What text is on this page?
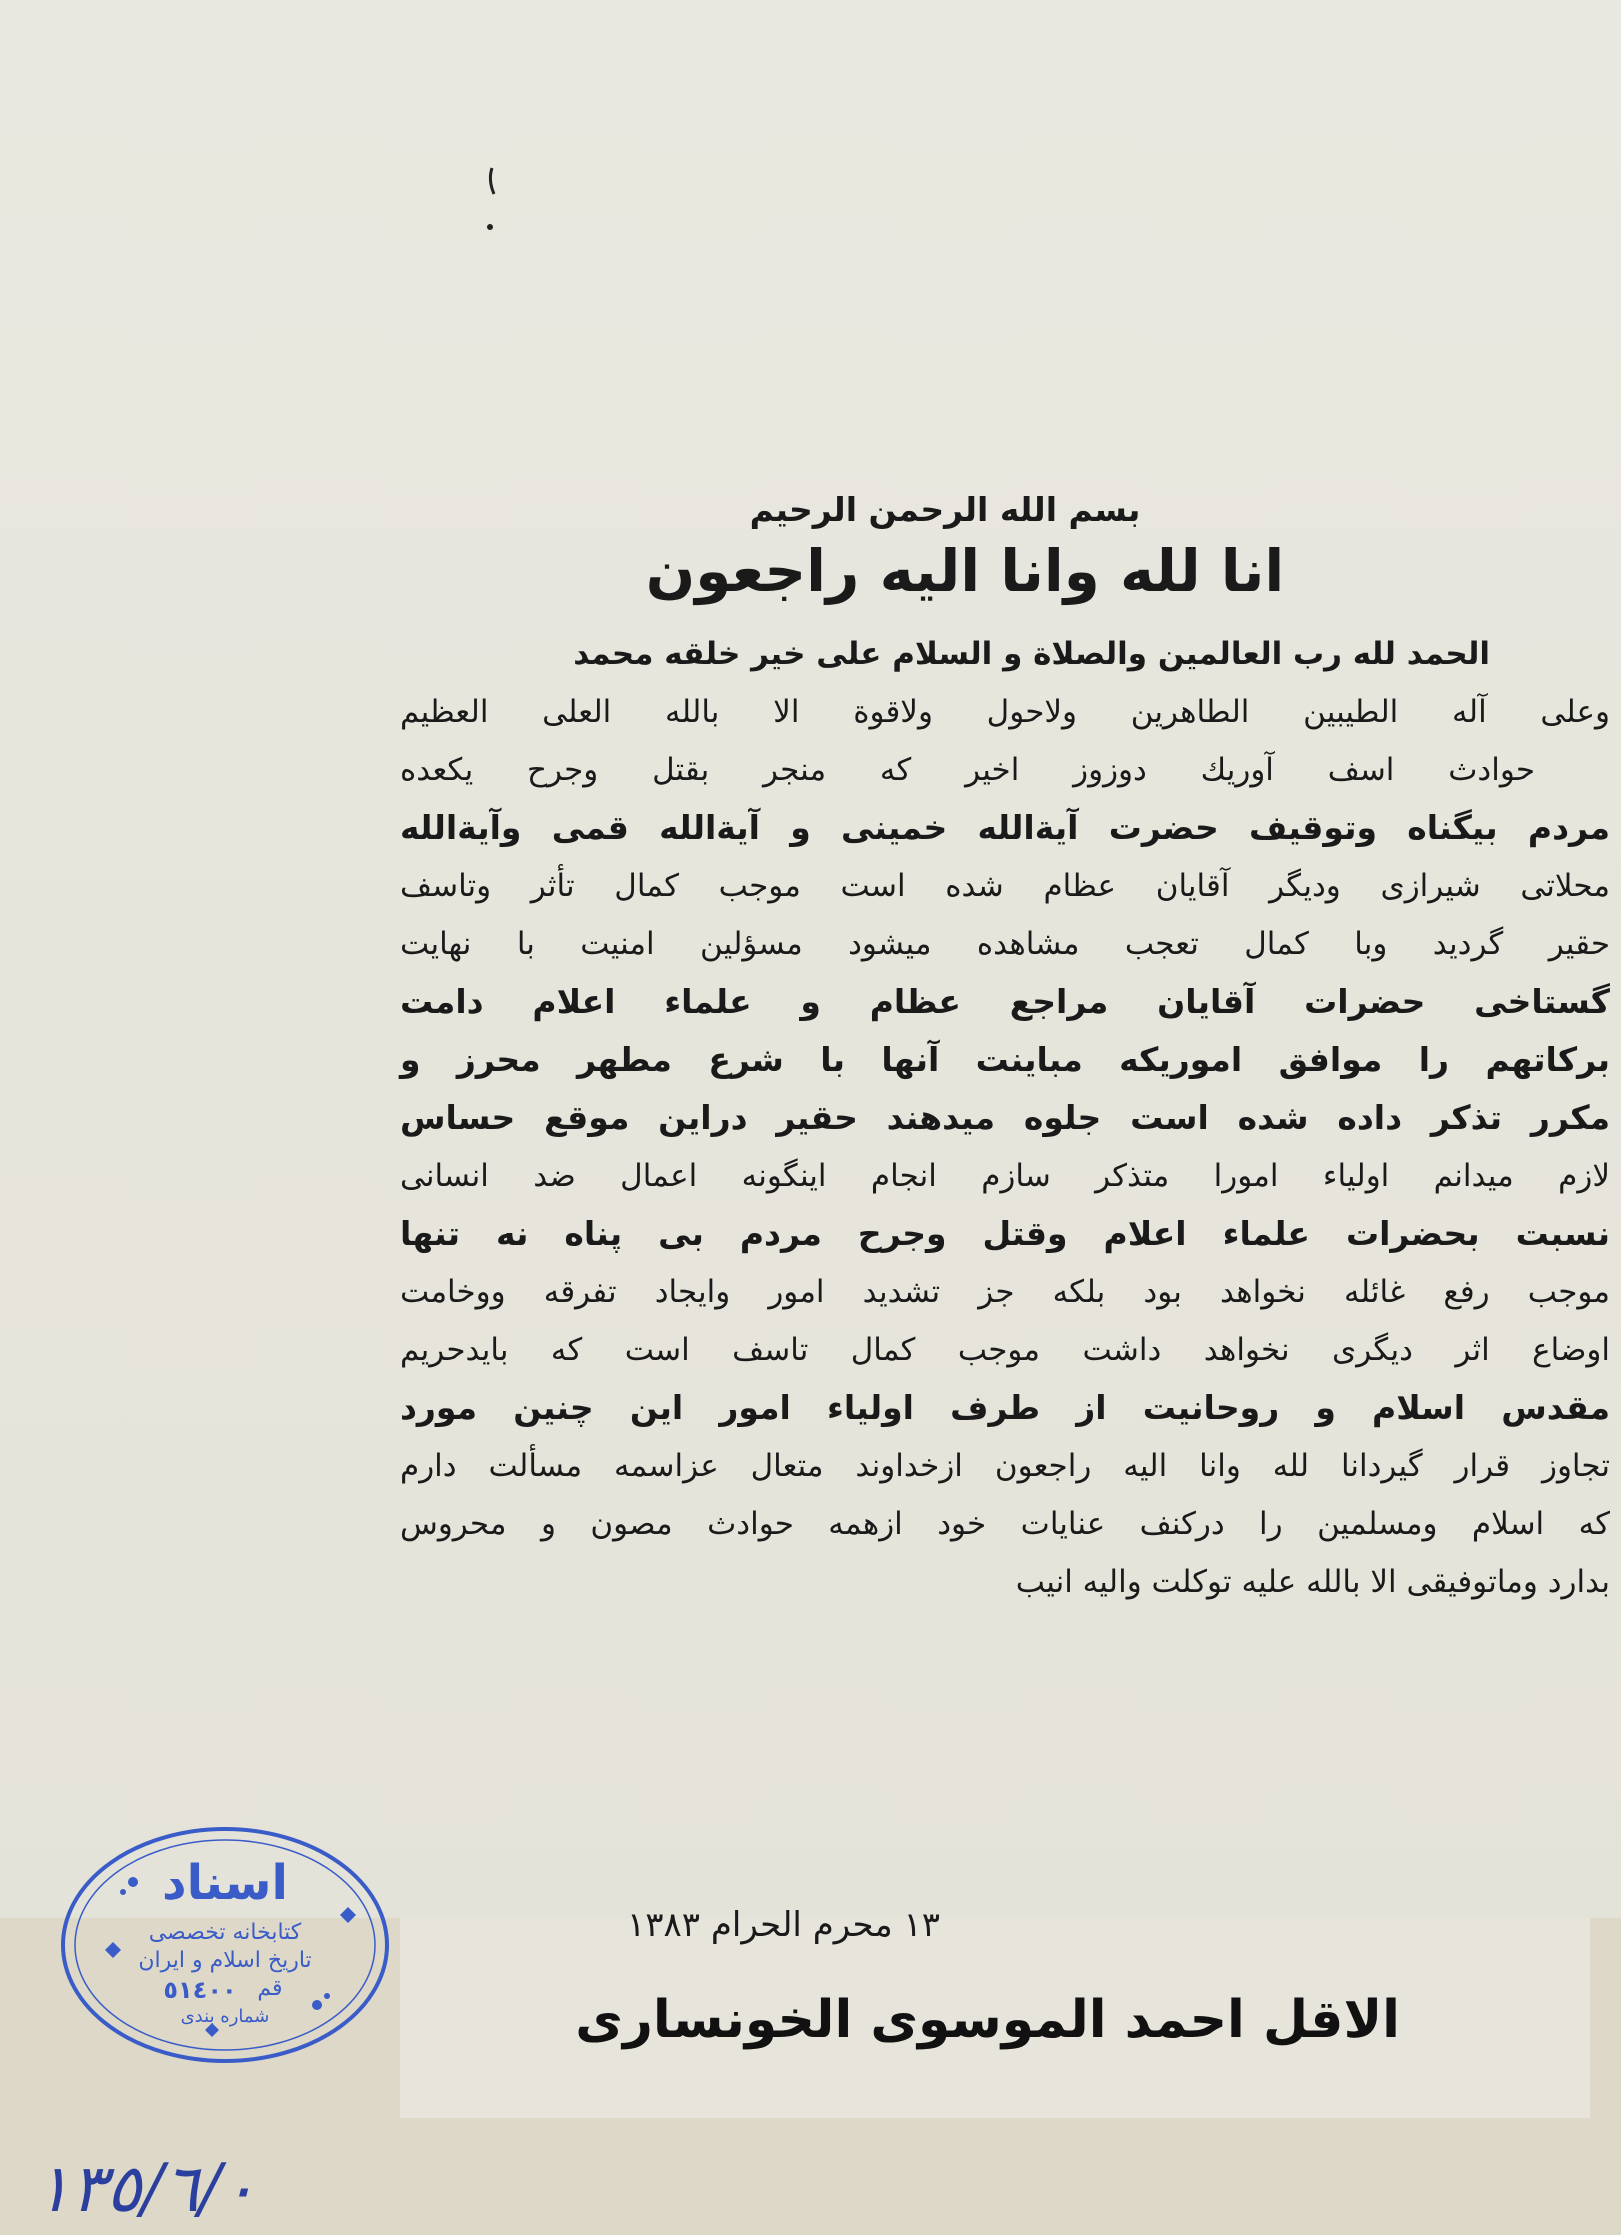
بسم الله الرحمن الرحیم
انا لله وانا الیه راجعون
الحمد لله رب العالمین والصلاة و السلام علی خیر خلقه محمد
وعلی آله الطیبین الطاهرین ولاحول ولاقوة الا بالله العلی العظیم
حوادث اسف آوریك دوزوز اخیر که منجر بقتل وجرح یکعده
مردم بیگناه وتوقیف حضرت آیةالله خمینی و آیةالله قمی وآیةالله
محلاتی شیرازی ودیگر آقایان عظام شده است موجب کمال تأثر وتاسف
حقیر گردید وبا کمال تعجب مشاهده میشود مسؤلین امنیت با نهایت
گستاخی حضرات آقایان مراجع عظام و علماء اعلام دامت
برکاتهم را موافق اموریکه مباینت آنها با شرع مطهر محرز و
مکرر تذکر داده شده است جلوه میدهند حقیر دراین موقع حساس
لازم میدانم اولیاء امورا متذکر سازم انجام اینگونه اعمال ضد انسانی
نسبت بحضرات علماء اعلام وقتل وجرح مردم بی پناه نه تنها
موجب رفع غائله نخواهد بود بلکه جز تشدید امور وایجاد تفرقه ووخامت
اوضاع اثر دیگری نخواهد داشت موجب کمال تاسف است که بایدحریم
مقدس اسلام و روحانیت از طرف اولیاء امور این چنین مورد
تجاوز قرار گیردانا لله وانا الیه راجعون ازخداوند متعال عزاسمه مسألت دارم
که اسلام ومسلمین را درکنف عنایات خود ازهمه حوادث مصون و محروس
بدارد وماتوفیقی الا بالله علیه توکلت والیه انیب
١٣ محرم الحرام ١٣٨٣
الاقل احمد الموسوی الخونساری
اسناد
کتابخانه تخصصی
تاریخ اسلام و ایران
قم
٥١٤٠٠
شماره بندی
١٣٥/٦/٠
